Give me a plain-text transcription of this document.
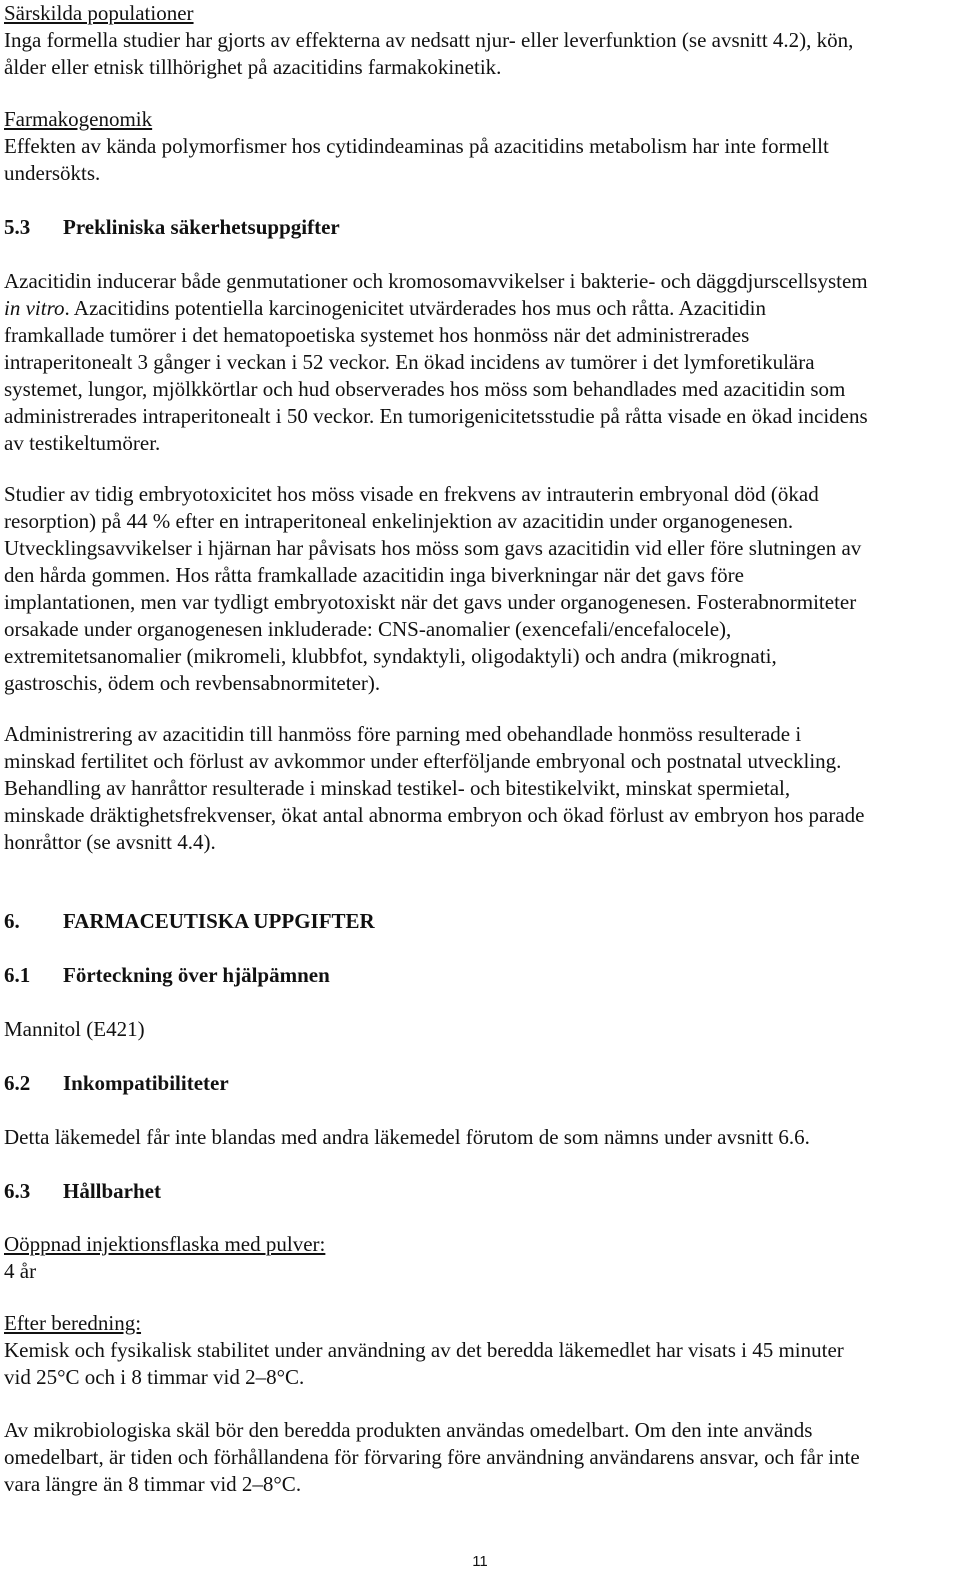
Särskilda populationer
Inga formella studier har gjorts av effekterna av nedsatt njur- eller leverfunktion (se avsnitt 4.2), kön,
ålder eller etnisk tillhörighet på azacitidins farmakokinetik.
Farmakogenomik
Effekten av kända polymorfismer hos cytidindeaminas på azacitidins metabolism har inte formellt
undersökts.
5.3 Prekliniska säkerhetsuppgifter
Azacitidin inducerar både genmutationer och kromosomavvikelser i bakterie- och däggdjurscellsystem
in vitro. Azacitidins potentiella karcinogenicitet utvärderades hos mus och råtta. Azacitidin
framkallade tumörer i det hematopoetiska systemet hos honmöss när det administrerades
intraperitonealt 3 gånger i veckan i 52 veckor. En ökad incidens av tumörer i det lymforetikulära
systemet, lungor, mjölkkörtlar och hud observerades hos möss som behandlades med azacitidin som
administrerades intraperitonealt i 50 veckor. En tumorigenicitetsstudie på råtta visade en ökad incidens
av testikeltumörer.
Studier av tidig embryotoxicitet hos möss visade en frekvens av intrauterin embryonal död (ökad
resorption) på 44 % efter en intraperitoneal enkelinjektion av azacitidin under organogenesen.
Utvecklingsavvikelser i hjärnan har påvisats hos möss som gavs azacitidin vid eller före slutningen av
den hårda gommen. Hos råtta framkallade azacitidin inga biverkningar när det gavs före
implantationen, men var tydligt embryotoxiskt när det gavs under organogenesen. Fosterabnormiteter
orsakade under organogenesen inkluderade: CNS-anomalier (exencefali/encefalocele),
extremitetsanomalier (mikromeli, klubbfot, syndaktyli, oligodaktyli) och andra (mikrognati,
gastroschis, ödem och revbensabnormiteter).
Administrering av azacitidin till hanmöss före parning med obehandlade honmöss resulterade i
minskad fertilitet och förlust av avkommor under efterföljande embryonal och postnatal utveckling.
Behandling av hanråttor resulterade i minskad testikel- och bitestikelvikt, minskat spermietal,
minskade dräktighetsfrekvenser, ökat antal abnorma embryon och ökad förlust av embryon hos parade
honråttor (se avsnitt 4.4).
6. FARMACEUTISKA UPPGIFTER
6.1 Förteckning över hjälpämnen
Mannitol (E421)
6.2 Inkompatibiliteter
Detta läkemedel får inte blandas med andra läkemedel förutom de som nämns under avsnitt 6.6.
6.3 Hållbarhet
Oöppnad injektionsflaska med pulver:
4 år
Efter beredning:
Kemisk och fysikalisk stabilitet under användning av det beredda läkemedlet har visats i 45 minuter
vid 25°C och i 8 timmar vid 2–8°C.
Av mikrobiologiska skäl bör den beredda produkten användas omedelbart. Om den inte används
omedelbart, är tiden och förhållandena för förvaring före användning användarens ansvar, och får inte
vara längre än 8 timmar vid 2–8°C.
11
